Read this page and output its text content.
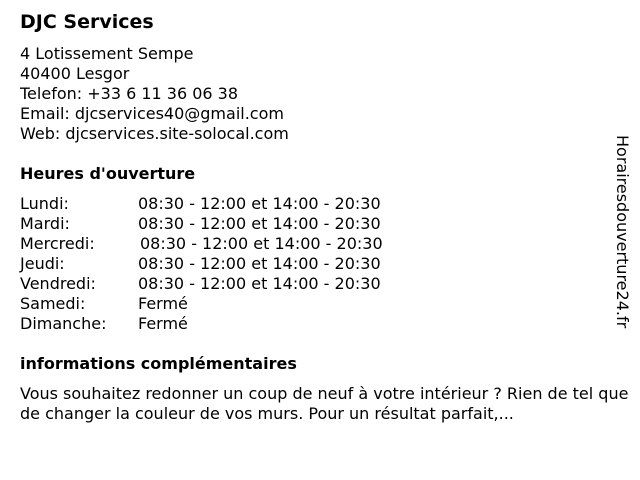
DJC Services
4 Lotissement Sempe
40400 Lesgor
Telefon: +33 6 11 36 06 38
Email: djcservices40@gmail.com
Web: djcservices.site-solocal.com
Heures d'ouverture
Lundi:	08:30 - 12:00 et 14:00 - 20:30
Mardi:	08:30 - 12:00 et 14:00 - 20:30
Mercredi:	08:30 - 12:00 et 14:00 - 20:30
Jeudi:	08:30 - 12:00 et 14:00 - 20:30
Vendredi:	08:30 - 12:00 et 14:00 - 20:30
Samedi:	Fermé
Dimanche:	Fermé
informations complémentaires
Vous souhaitez redonner un coup de neuf à votre intérieur ? Rien de tel que de changer la couleur de vos murs. Pour un résultat parfait,...
Horairesdouverture24.fr
